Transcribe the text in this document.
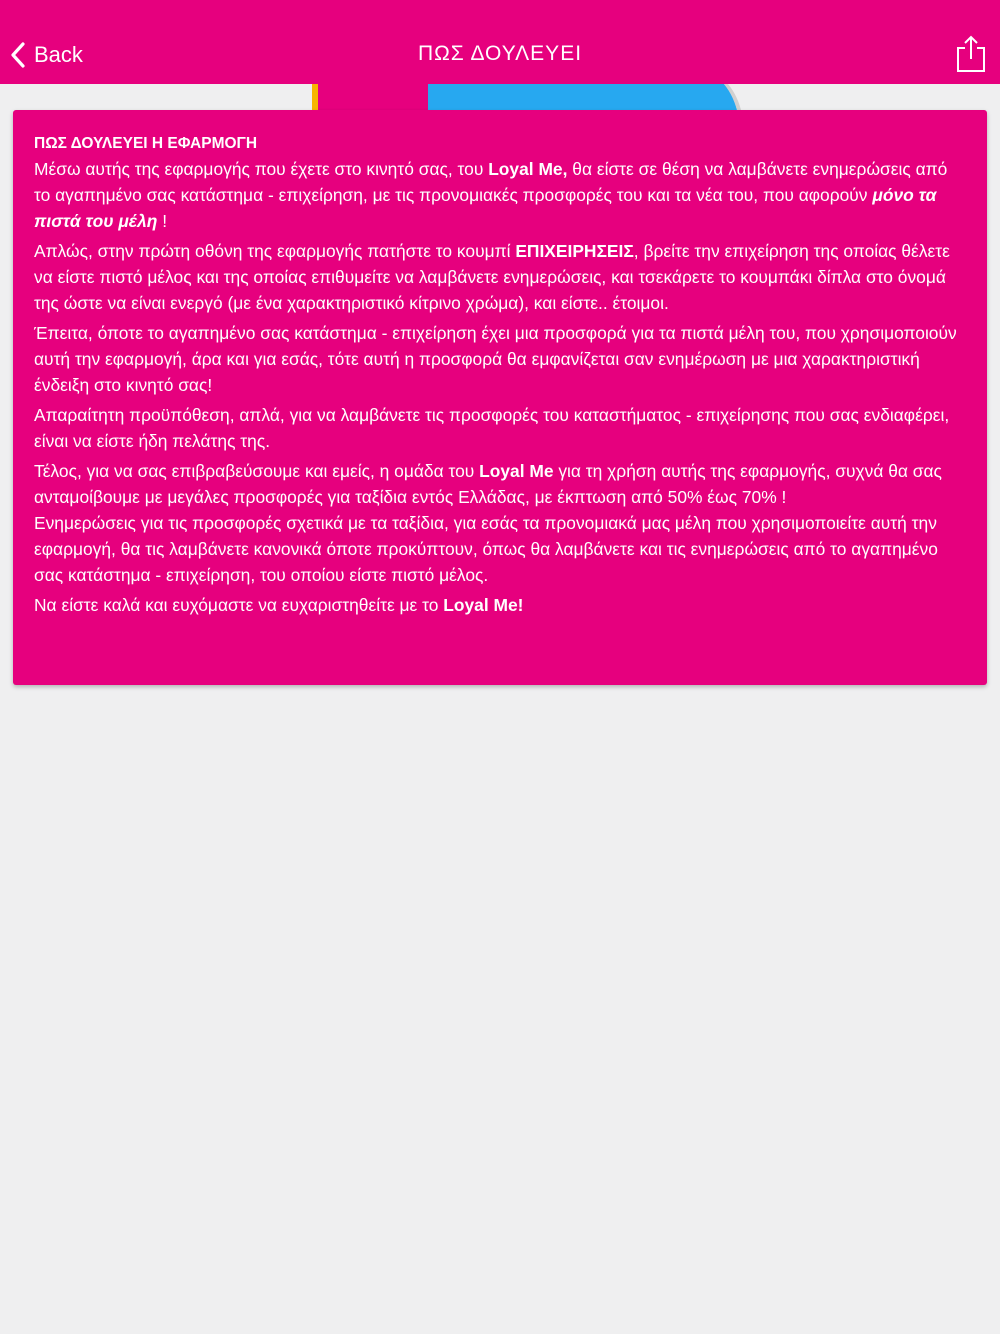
Back	ΠΩΣ ΔΟΥΛΕΥΕΙ
ΠΩΣ ΔΟΥΛΕΥΕΙ Η ΕΦΑΡΜΟΓΗ

Μέσω αυτής της εφαρμογής που έχετε στο κινητό σας, του Loyal Me, θα είστε σε θέση να λαμβάνετε ενημερώσεις από το αγαπημένο σας κατάστημα - επιχείρηση, με τις προνομιακές προσφορές του και τα νέα του, που αφορούν μόνο τα πιστά του μέλη !

Απλώς, στην πρώτη οθόνη της εφαρμογής πατήστε το κουμπί ΕΠΙΧΕΙΡΗΣΕΙΣ, βρείτε την επιχείρηση της οποίας θέλετε να είστε πιστό μέλος και της οποίας επιθυμείτε να λαμβάνετε ενημερώσεις, και τσεκάρετε το κουμπάκι δίπλα στο όνομά της ώστε να είναι ενεργό (με ένα χαρακτηριστικό κίτρινο χρώμα), και είστε.. έτοιμοι.

Έπειτα, όποτε το αγαπημένο σας κατάστημα - επιχείρηση έχει μια προσφορά για τα πιστά μέλη του, που χρησιμοποιούν αυτή την εφαρμογή, άρα και για εσάς, τότε αυτή η προσφορά θα εμφανίζεται σαν ενημέρωση με μια χαρακτηριστική ένδειξη στο κινητό σας!

Απαραίτητη προϋπόθεση, απλά, για να λαμβάνετε τις προσφορές του καταστήματος - επιχείρησης που σας ενδιαφέρει, είναι να είστε ήδη πελάτης της.

Τέλος, για να σας επιβραβεύσουμε και εμείς, η ομάδα του Loyal Me για τη χρήση αυτής της εφαρμογής, συχνά θα σας ανταμοίβουμε με μεγάλες προσφορές για ταξίδια εντός Ελλάδας, με έκπτωση από 50% έως 70% !

Ενημερώσεις για τις προσφορές σχετικά με τα ταξίδια, για εσάς τα προνομιακά μας μέλη που χρησιμοποιείτε αυτή την εφαρμογή, θα τις λαμβάνετε κανονικά όποτε προκύπτουν, όπως θα λαμβάνετε και τις ενημερώσεις από το αγαπημένο σας κατάστημα - επιχείρηση, του οποίου είστε πιστό μέλος.

Να είστε καλά και ευχόμαστε να ευχαριστηθείτε με το Loyal Me!
